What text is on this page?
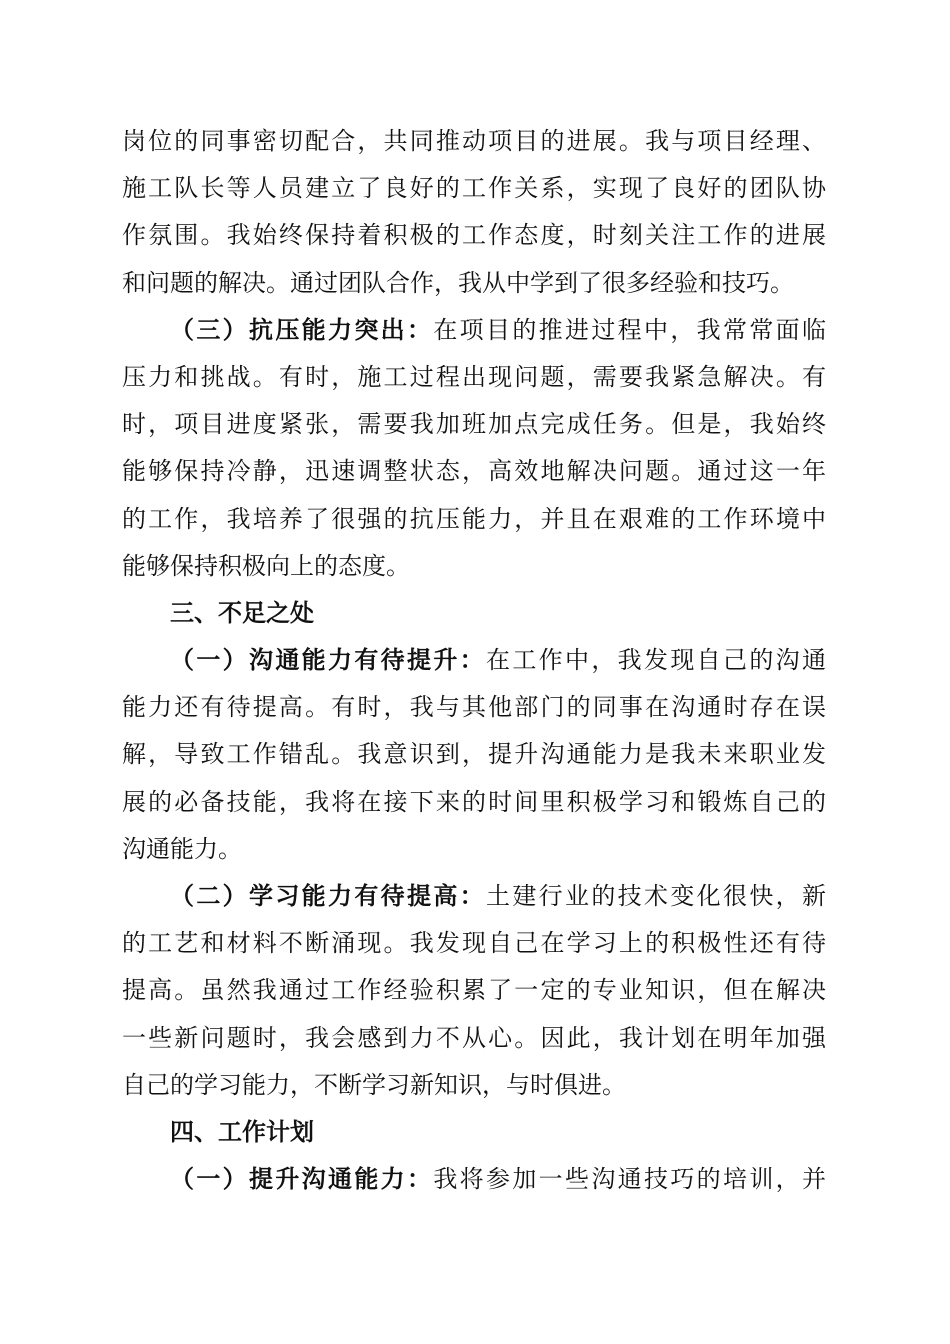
岗位的同事密切配合，共同推动项目的进展。我与项目经理、
施工队长等人员建立了良好的工作关系，实现了良好的团队协
作氛围。我始终保持着积极的工作态度，时刻关注工作的进展
和问题的解决。通过团队合作，我从中学到了很多经验和技巧。
（三）抗压能力突出：在项目的推进过程中，我常常面临
压力和挑战。有时，施工过程出现问题，需要我紧急解决。有
时，项目进度紧张，需要我加班加点完成任务。但是，我始终
能够保持冷静，迅速调整状态，高效地解决问题。通过这一年
的工作，我培养了很强的抗压能力，并且在艰难的工作环境中
能够保持积极向上的态度。
三、不足之处
（一）沟通能力有待提升：在工作中，我发现自己的沟通
能力还有待提高。有时，我与其他部门的同事在沟通时存在误
解，导致工作错乱。我意识到，提升沟通能力是我未来职业发
展的必备技能，我将在接下来的时间里积极学习和锻炼自己的
沟通能力。
（二）学习能力有待提高：土建行业的技术变化很快，新
的工艺和材料不断涌现。我发现自己在学习上的积极性还有待
提高。虽然我通过工作经验积累了一定的专业知识，但在解决
一些新问题时，我会感到力不从心。因此，我计划在明年加强
自己的学习能力，不断学习新知识，与时俱进。
四、工作计划
（一）提升沟通能力：我将参加一些沟通技巧的培训，并
